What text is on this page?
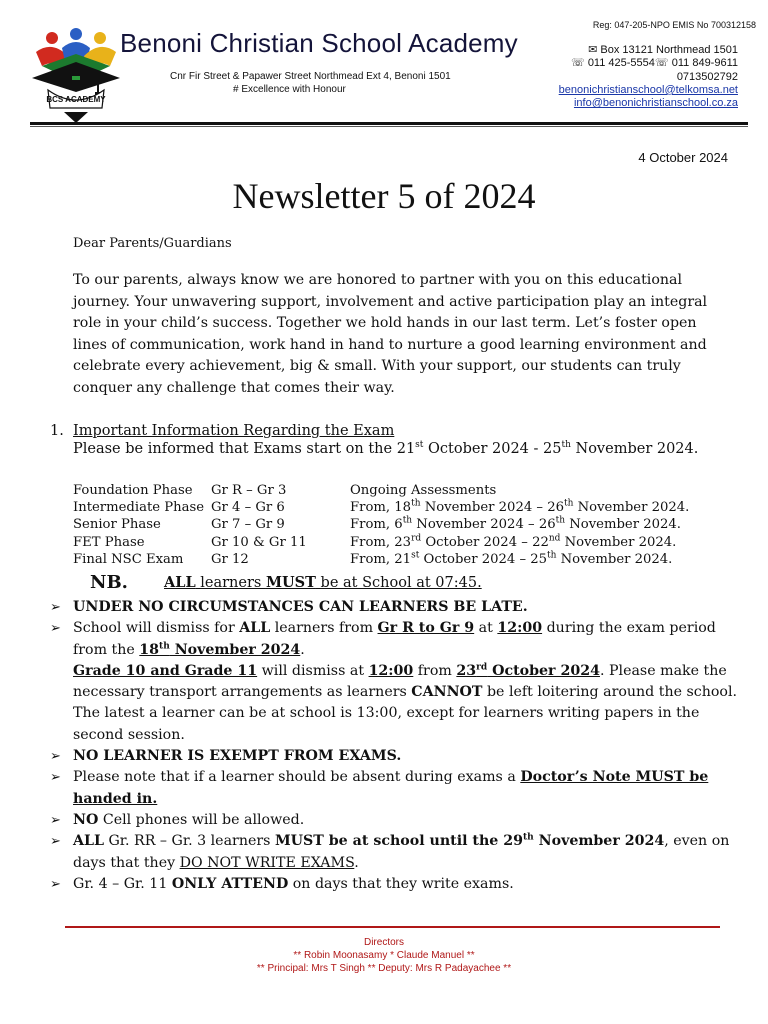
Reg: 047-205-NPO EMIS No 700312158
BCS ACADEMY
Benoni Christian School Academy
Cnr Fir Street & Papawer Street Northmead Ext 4, Benoni 1501
# Excellence with Honour
✉ Box 13121 Northmead 1501
☏ 011 425-5554☏ 011 849-9611
0713502792
benonichristianschool@telkomsa.net
info@benonichristianschool.co.za
4 October 2024
Newsletter 5 of 2024
Dear Parents/Guardians
To our parents, always know we are honored to partner with you on this educational journey. Your unwavering support, involvement and active participation play an integral role in your child’s success. Together we hold hands in our last term. Let’s foster open lines of communication, work hand in hand to nurture a good learning environment and celebrate every achievement, big & small. With your support, our students can truly conquer any challenge that comes their way.
1. Important Information Regarding the Exam
Please be informed that Exams start on the 21st October 2024 - 25th November 2024.
Foundation Phase	Gr R – Gr 3	Ongoing Assessments
Intermediate Phase	Gr 4 – Gr 6	From, 18th November 2024 – 26th November 2024.
Senior Phase	Gr 7 – Gr 9	From, 6th November 2024 – 26th November 2024.
FET Phase	Gr 10 & Gr 11	From, 23rd October 2024 – 22nd November 2024.
Final NSC Exam	Gr 12	From, 21st October 2024 – 25th November 2024.
NB. ALL learners MUST be at School at 07:45.
➢ UNDER NO CIRCUMSTANCES CAN LEARNERS BE LATE.
➢ School will dismiss for ALL learners from Gr R to Gr 9 at 12:00 during the exam period from the 18th November 2024.
Grade 10 and Grade 11 will dismiss at 12:00 from 23rd October 2024. Please make the necessary transport arrangements as learners CANNOT be left loitering around the school. The latest a learner can be at school is 13:00, except for learners writing papers in the second session.
➢ NO LEARNER IS EXEMPT FROM EXAMS.
➢ Please note that if a learner should be absent during exams a Doctor’s Note MUST be handed in.
➢ NO Cell phones will be allowed.
➢ ALL Gr. RR – Gr. 3 learners MUST be at school until the 29th November 2024, even on days that they DO NOT WRITE EXAMS.
➢ Gr. 4 – Gr. 11 ONLY ATTEND on days that they write exams.
Directors
** Robin Moonasamy * Claude Manuel **
** Principal: Mrs T Singh ** Deputy: Mrs R Padayachee **
